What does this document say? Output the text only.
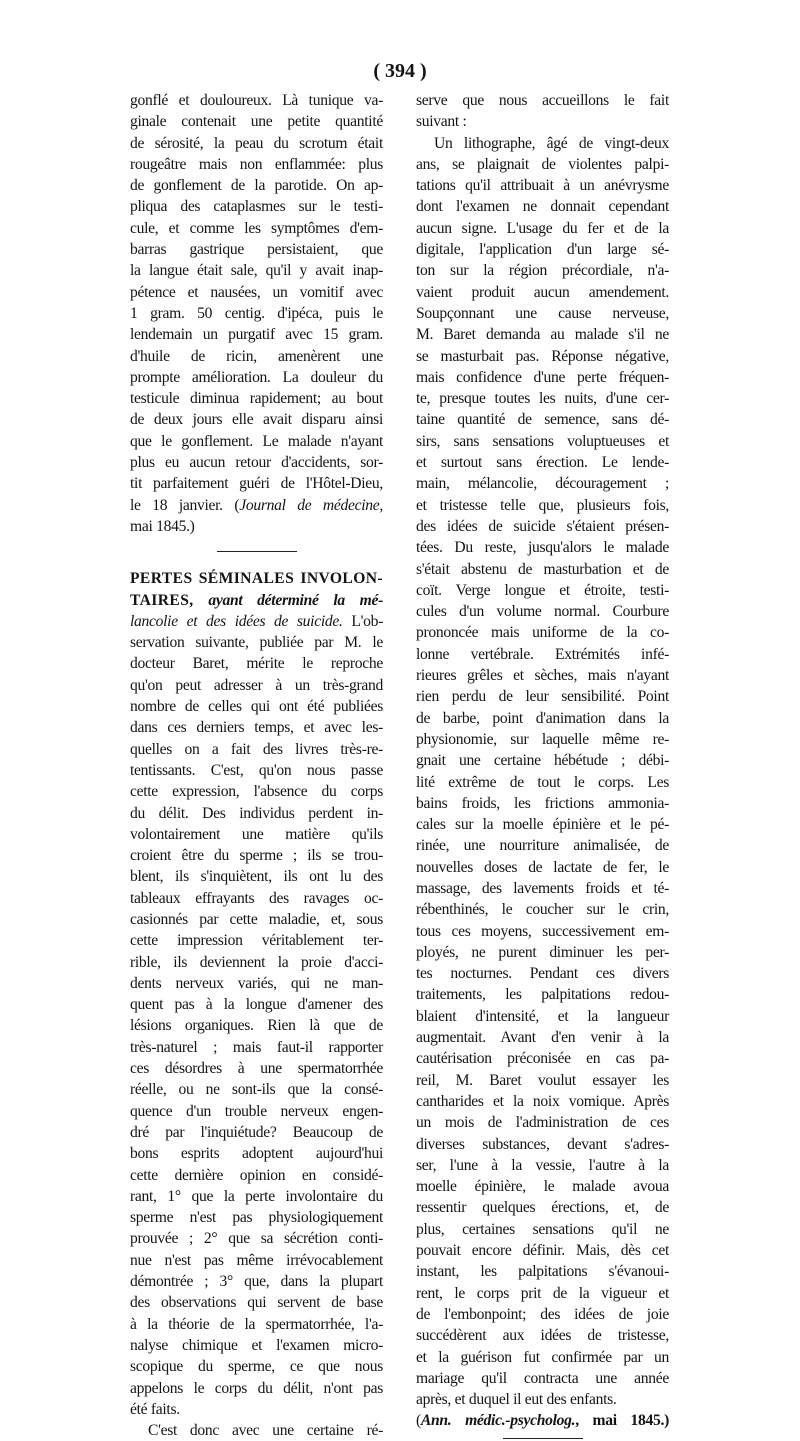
( 394 )
gonflé et douloureux. Là tunique va-
ginale contenait une petite quantité
de sérosité, la peau du scrotum était
rougeâtre mais non enflammée: plus
de gonflement de la parotide. On ap-
pliqua des cataplasmes sur le testi-
cule, et comme les symptômes d'em-
barras gastrique persistaient, que
la langue était sale, qu'il y avait inap-
pétence et nausées, un vomitif avec
1 gram. 50 centig. d'ipéca, puis le
lendemain un purgatif avec 15 gram.
d'huile de ricin, amenèrent une
prompte amélioration. La douleur du
testicule diminua rapidement; au bout
de deux jours elle avait disparu ainsi
que le gonflement. Le malade n'ayant
plus eu aucun retour d'accidents, sor-
tit parfaitement guéri de l'Hôtel-Dieu,
le 18 janvier. (Journal de médecine,
mai 1845.)
PERTES SÉMINALES INVOLON-
TAIRES, ayant déterminé la mé-
lancolie et des idées de suicide. L'ob-
servation suivante, publiée par M. le
docteur Baret, mérite le reproche
qu'on peut adresser à un très-grand
nombre de celles qui ont été publiées
dans ces derniers temps, et avec les-
quelles on a fait des livres très-re-
tentissants. C'est, qu'on nous passe
cette expression, l'absence du corps
du délit. Des individus perdent in-
volontairement une matière qu'ils
croient être du sperme ; ils se trou-
blent, ils s'inquiètent, ils ont lu des
tableaux effrayants des ravages oc-
casionnés par cette maladie, et, sous
cette impression véritablement ter-
rible, ils deviennent la proie d'acci-
dents nerveux variés, qui ne man-
quent pas à la longue d'amener des
lésions organiques. Rien là que de
très-naturel ; mais faut-il rapporter
ces désordres à une spermatorrhée
réelle, ou ne sont-ils que la consé-
quence d'un trouble nerveux engen-
dré par l'inquiétude? Beaucoup de
bons esprits adoptent aujourd'hui
cette dernière opinion en considé-
rant, 1° que la perte involontaire du
sperme n'est pas physiologiquement
prouvée ; 2° que sa sécrétion conti-
nue n'est pas même irrévocablement
démontrée ; 3° que, dans la plupart
des observations qui servent de base
à la théorie de la spermatorrhée, l'a-
nalyse chimique et l'examen micro-
scopique du sperme, ce que nous
appelons le corps du délit, n'ont pas
été faits.
C'est donc avec une certaine ré-
serve que nous accueillons le fait
suivant :
Un lithographe, âgé de vingt-deux
ans, se plaignait de violentes palpi-
tations qu'il attribuait à un anévrysme
dont l'examen ne donnait cependant
aucun signe. L'usage du fer et de la
digitale, l'application d'un large sé-
ton sur la région précordiale, n'a-
vaient produit aucun amendement.
Soupçonnant une cause nerveuse,
M. Baret demanda au malade s'il ne
se masturbait pas. Réponse négative,
mais confidence d'une perte fréquen-
te, presque toutes les nuits, d'une cer-
taine quantité de semence, sans dé-
sirs, sans sensations voluptueuses et
et surtout sans érection. Le lende-
main, mélancolie, découragement ;
et tristesse telle que, plusieurs fois,
des idées de suicide s'étaient présen-
tées. Du reste, jusqu'alors le malade
s'était abstenu de masturbation et de
coït. Verge longue et étroite, testi-
cules d'un volume normal. Courbure
prononcée mais uniforme de la co-
lonne vertébrale. Extrémités infé-
rieures grêles et sèches, mais n'ayant
rien perdu de leur sensibilité. Point
de barbe, point d'animation dans la
physionomie, sur laquelle même re-
gnait une certaine hébétude ; débi-
lité extrême de tout le corps. Les
bains froids, les frictions ammonia-
cales sur la moelle épinière et le pé-
rinée, une nourriture animalisée, de
nouvelles doses de lactate de fer, le
massage, des lavements froids et té-
rébenthinés, le coucher sur le crin,
tous ces moyens, successivement em-
ployés, ne purent diminuer les per-
tes nocturnes. Pendant ces divers
traitements, les palpitations redou-
blaient d'intensité, et la langueur
augmentait. Avant d'en venir à la
cautérisation préconisée en cas pa-
reil, M. Baret voulut essayer les
cantharides et la noix vomique. Après
un mois de l'administration de ces
diverses substances, devant s'adres-
ser, l'une à la vessie, l'autre à la
moelle épinière, le malade avoua
ressentir quelques érections, et, de
plus, certaines sensations qu'il ne
pouvait encore définir. Mais, dès cet
instant, les palpitations s'évanoui-
rent, le corps prit de la vigueur et
de l'embonpoint; des idées de joie
succédèrent aux idées de tristesse,
et la guérison fut confirmée par un
mariage qu'il contracta une année
après, et duquel il eut des enfants.
(Ann. médic.-psycholog., mai 1845.)
